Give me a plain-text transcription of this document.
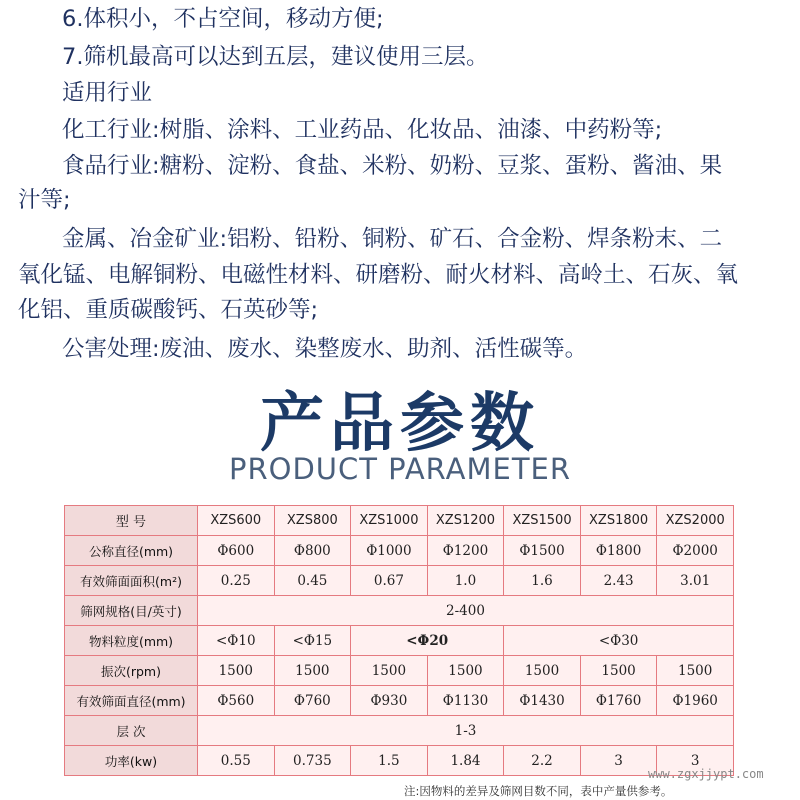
6.体积小，不占空间，移动方便;
7.筛机最高可以达到五层，建议使用三层。
适用行业
化工行业:树脂、涂料、工业药品、化妆品、油漆、中药粉等;
食品行业:糖粉、淀粉、食盐、米粉、奶粉、豆浆、蛋粉、酱油、果
汁等;
金属、冶金矿业:铝粉、铅粉、铜粉、矿石、合金粉、焊条粉末、二
氧化锰、电解铜粉、电磁性材料、研磨粉、耐火材料、高岭土、石灰、氧
化铝、重质碳酸钙、石英砂等;
公害处理:废油、废水、染整废水、助剂、活性碳等。
产品参数
PRODUCT PARAMETER
型 号	XZS600	XZS800	XZS1000	XZS1200	XZS1500	XZS1800	XZS2000
公称直径(mm)	Φ600	Φ800	Φ1000	Φ1200	Φ1500	Φ1800	Φ2000
有效筛面面积(m²)	0.25	0.45	0.67	1.0	1.6	2.43	3.01
筛网规格(目/英寸)	2-400						
物料粒度(mm)	<Φ10	<Φ15	<Φ20		<Φ30		
振次(rpm)	1500	1500	1500	1500	1500	1500	1500
有效筛面直径(mm)	Φ560	Φ760	Φ930	Φ1130	Φ1430	Φ1760	Φ1960
层 次	1-3						
功率(kw)	0.55	0.735	1.5	1.84	2.2	3	3
www.zgxjjypt.com
注:因物料的差异及筛网目数不同，表中产量供参考。
